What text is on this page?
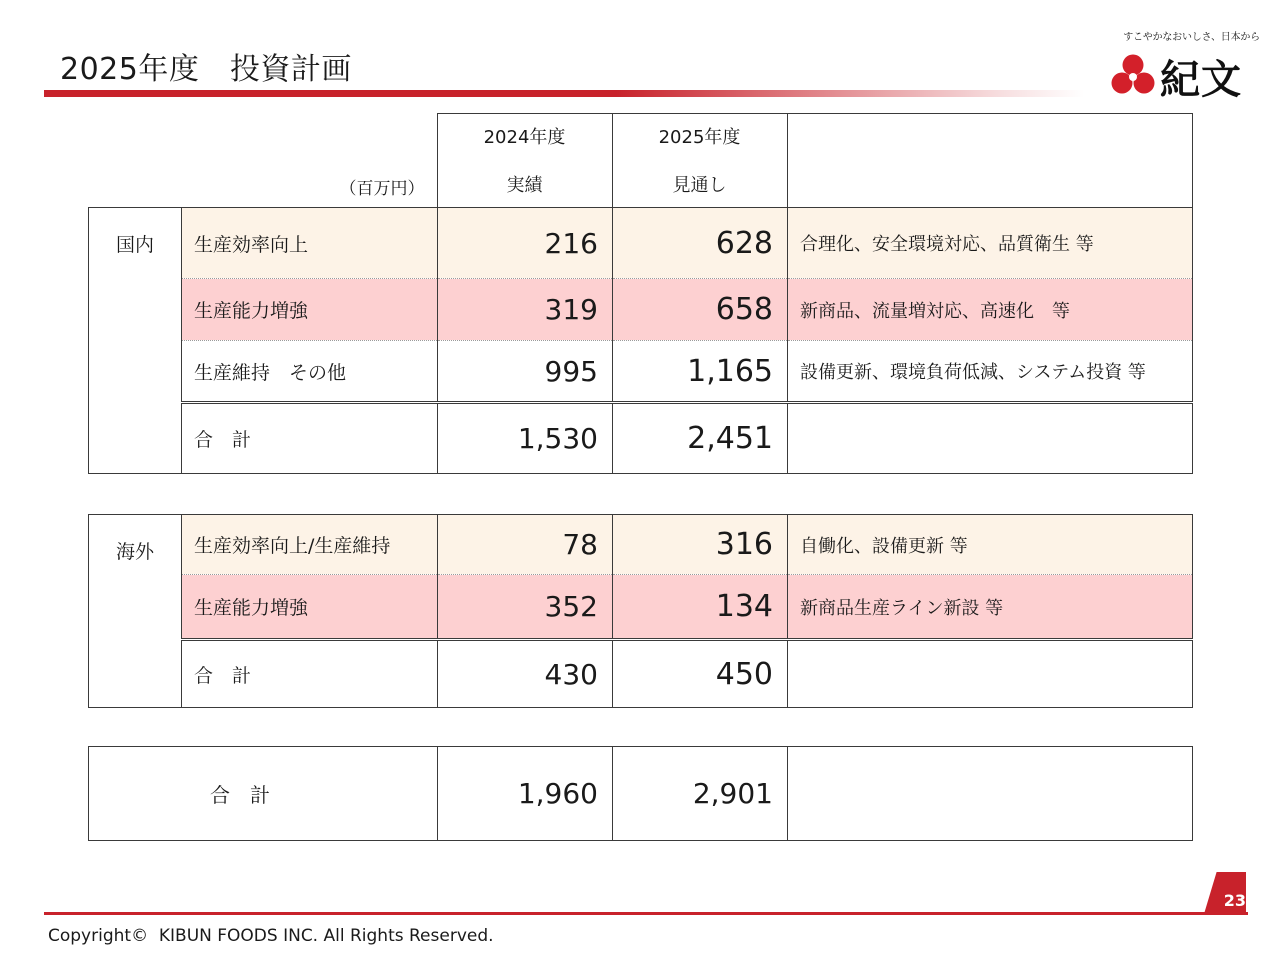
2025年度　投資計画
すこやかなおいしさ、日本から
紀文
	（百万円）	
2024年度
実績

2025年度
見通し

国内	生産効率向上	216	628	合理化、安全環境対応、品質衛生 等
	生産能力増強	319	658	新商品、流量増対応、高速化　等
	生産維持　その他	995	1,165	設備更新、環境負荷低減、システム投資 等
	合　計	1,530	2,451	
海外	生産効率向上/生産維持	78	316	自働化、設備更新 等
	生産能力増強	352	134	新商品生産ライン新設 等
	合　計	430	450	
合　計	1,960	2,901	
23
Copyright©  KIBUN FOODS INC. All Rights Reserved.
